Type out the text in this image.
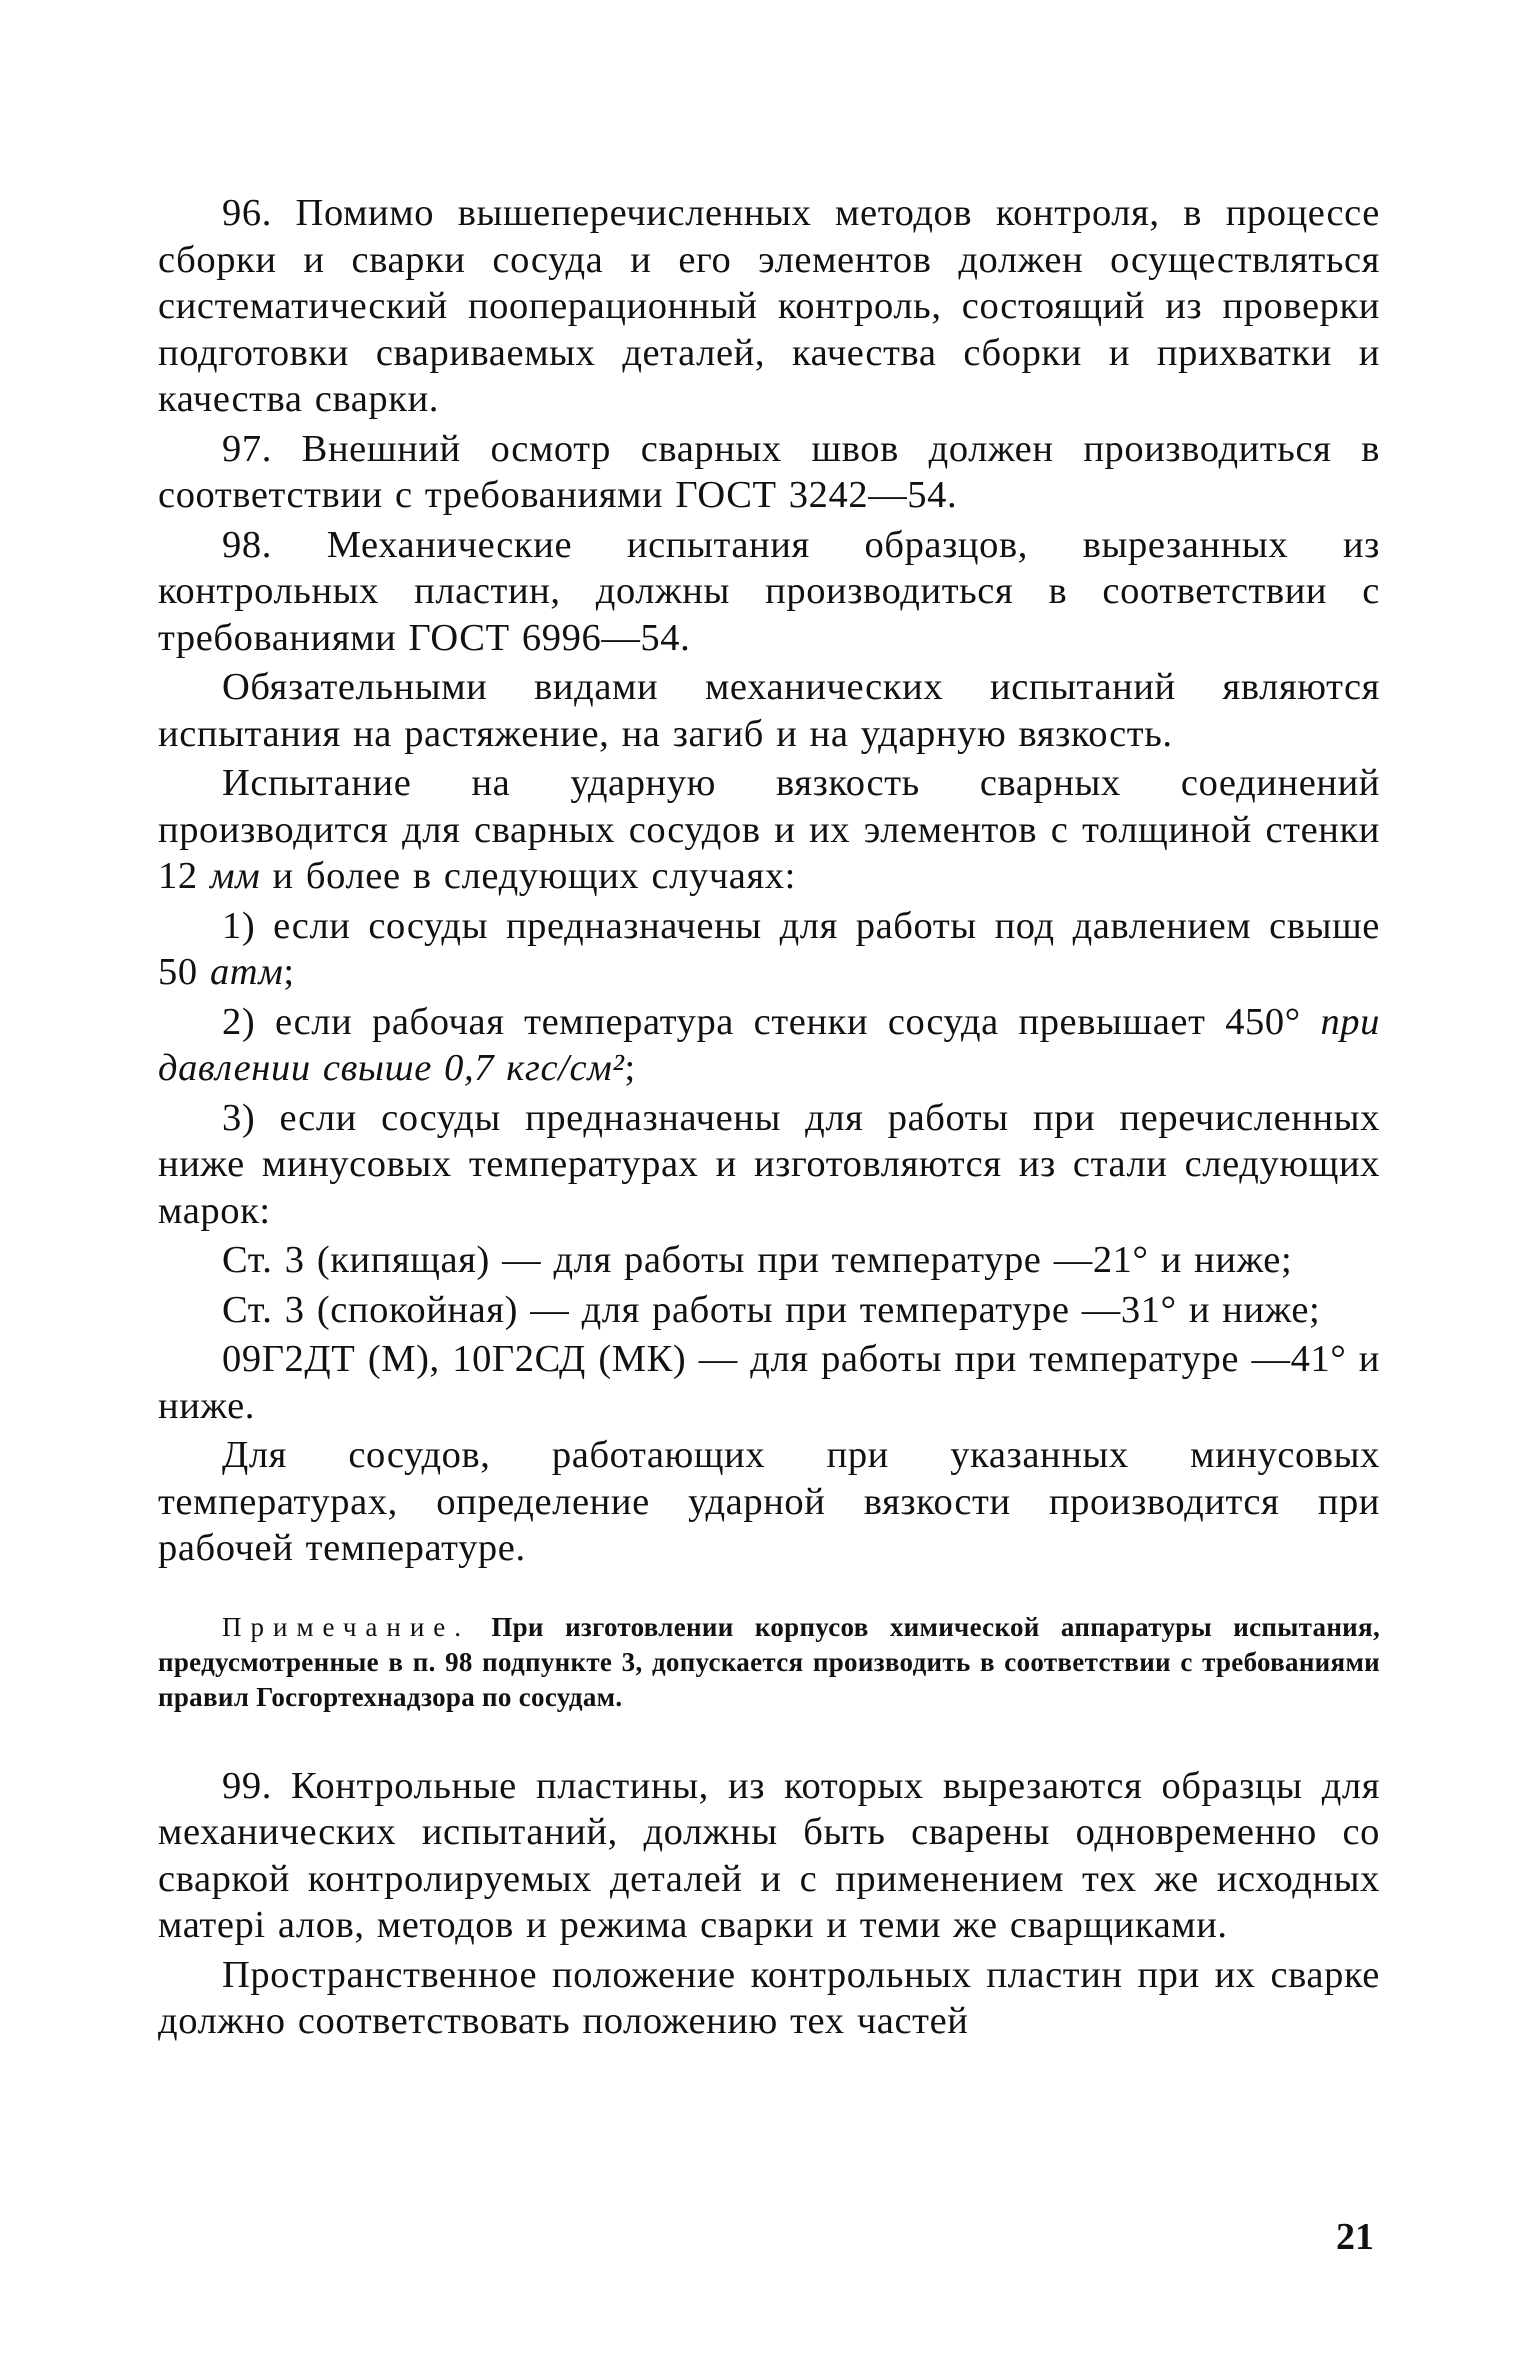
96. Помимо вышеперечисленных методов контроля, в процессе сборки и сварки сосуда и его элементов должен осуществляться систематический пооперационный контроль, состоящий из проверки подготовки свариваемых деталей, качества сборки и прихватки и качества сварки.

97. Внешний осмотр сварных швов должен производиться в соответствии с требованиями ГОСТ 3242—54.

98. Механические испытания образцов, вырезанных из контрольных пластин, должны производиться в соответствии с требованиями ГОСТ 6996—54.

Обязательными видами механических испытаний являются испытания на растяжение, на загиб и на ударную вязкость.

Испытание на ударную вязкость сварных соединений производится для сварных сосудов и их элементов с толщиной стенки 12 мм и более в следующих случаях:

1) если сосуды предназначены для работы под давлением свыше 50 атм;

2) если рабочая температура стенки сосуда превышает 450° при давлении свыше 0,7 кгс/см²;

3) если сосуды предназначены для работы при перечисленных ниже минусовых температурах и изготовляются из стали следующих марок:

Ст. 3 (кипящая) — для работы при температуре —21° и ниже;

Ст. 3 (спокойная) — для работы при температуре —31° и ниже;

09Г2ДТ (М), 10Г2СД (МК) — для работы при температуре —41° и ниже.

Для сосудов, работающих при указанных минусовых температурах, определение ударной вязкости производится при рабочей температуре.

Примечание. При изготовлении корпусов химической аппаратуры испытания, предусмотренные в п. 98 подпункте 3, допускается производить в соответствии с требованиями правил Госгортехнадзора по сосудам.

99. Контрольные пластины, из которых вырезаются образцы для механических испытаний, должны быть сварены одновременно со сваркой контролируемых деталей и с применением тех же исходных матері алов, методов и режима сварки и теми же сварщиками.

Пространственное положение контрольных пластин при их сварке должно соответствовать положению тех частей

21
